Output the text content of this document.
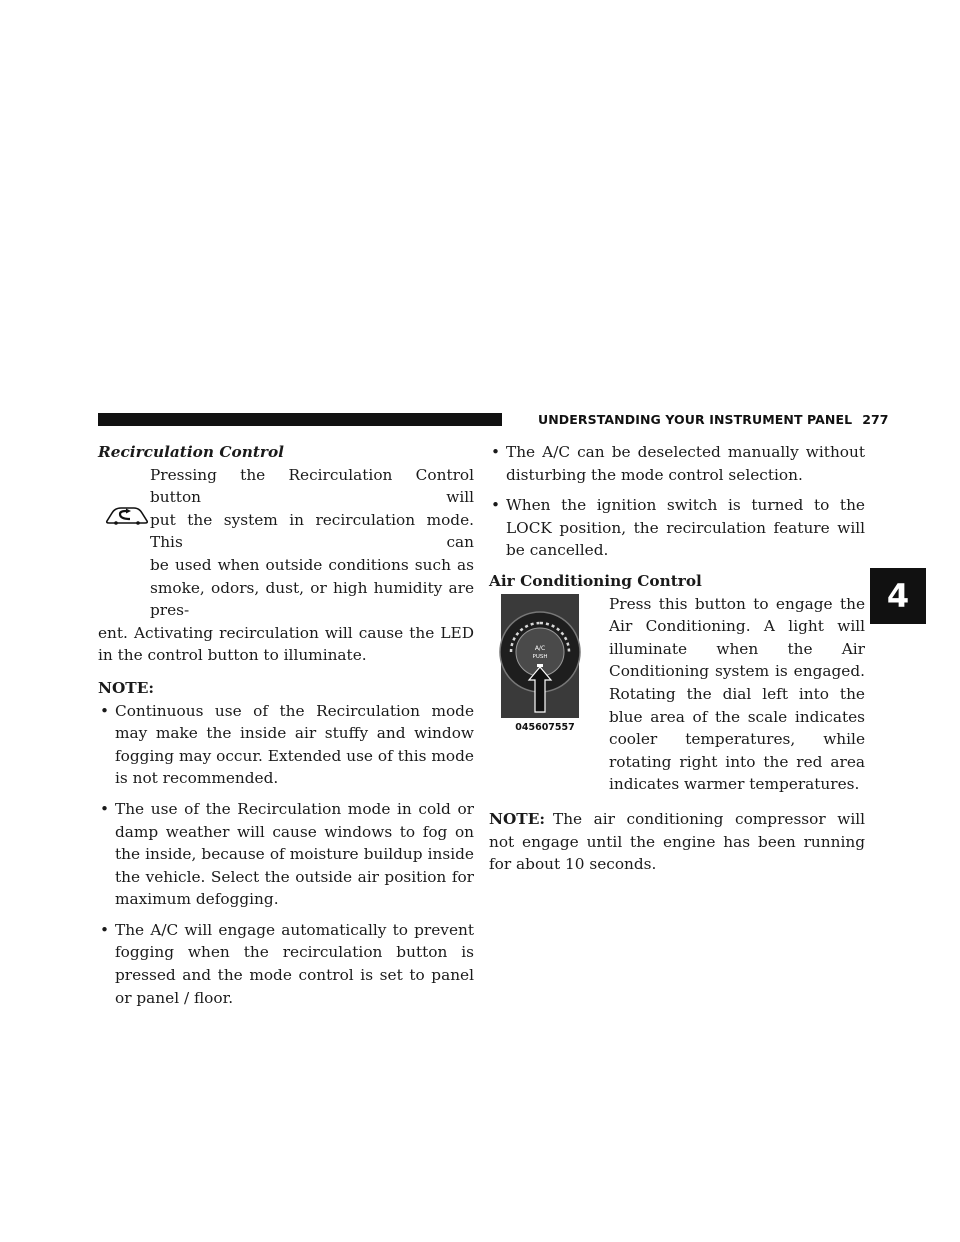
UNDERSTANDING YOUR INSTRUMENT PANEL 277
4

Recirculation Control

Pressing the Recirculation Control button will

put the system in recirculation mode. This can

be used when outside conditions such as

smoke, odors, dust, or high humidity are pres-

ent. Activating recirculation will cause the LED in the control button to illuminate.

NOTE:

• Continuous use of the Recirculation mode may make the inside air stuffy and window fogging may occur. Extended use of this mode is not recommended.
• The use of the Recirculation mode in cold or damp weather will cause windows to fog on the inside, because of moisture buildup inside the vehicle. Select the outside air position for maximum defogging.
• The A/C will engage automatically to prevent fogging when the recirculation button is pressed and the mode control is set to panel or panel / floor.
• The A/C can be deselected manually without disturbing the mode control selection.
• When the ignition switch is turned to the LOCK position, the recirculation feature will be cancelled.

Air Conditioning Control

A/C
PUSH
045607557
Press this button to engage the Air Conditioning. A light will illuminate when the Air Conditioning system is engaged. Rotating the dial left into the blue area of the scale indicates cooler temperatures, while rotating right into the red area indicates warmer temperatures.

NOTE: The air conditioning compressor will not engage until the engine has been running for about 10 seconds.
